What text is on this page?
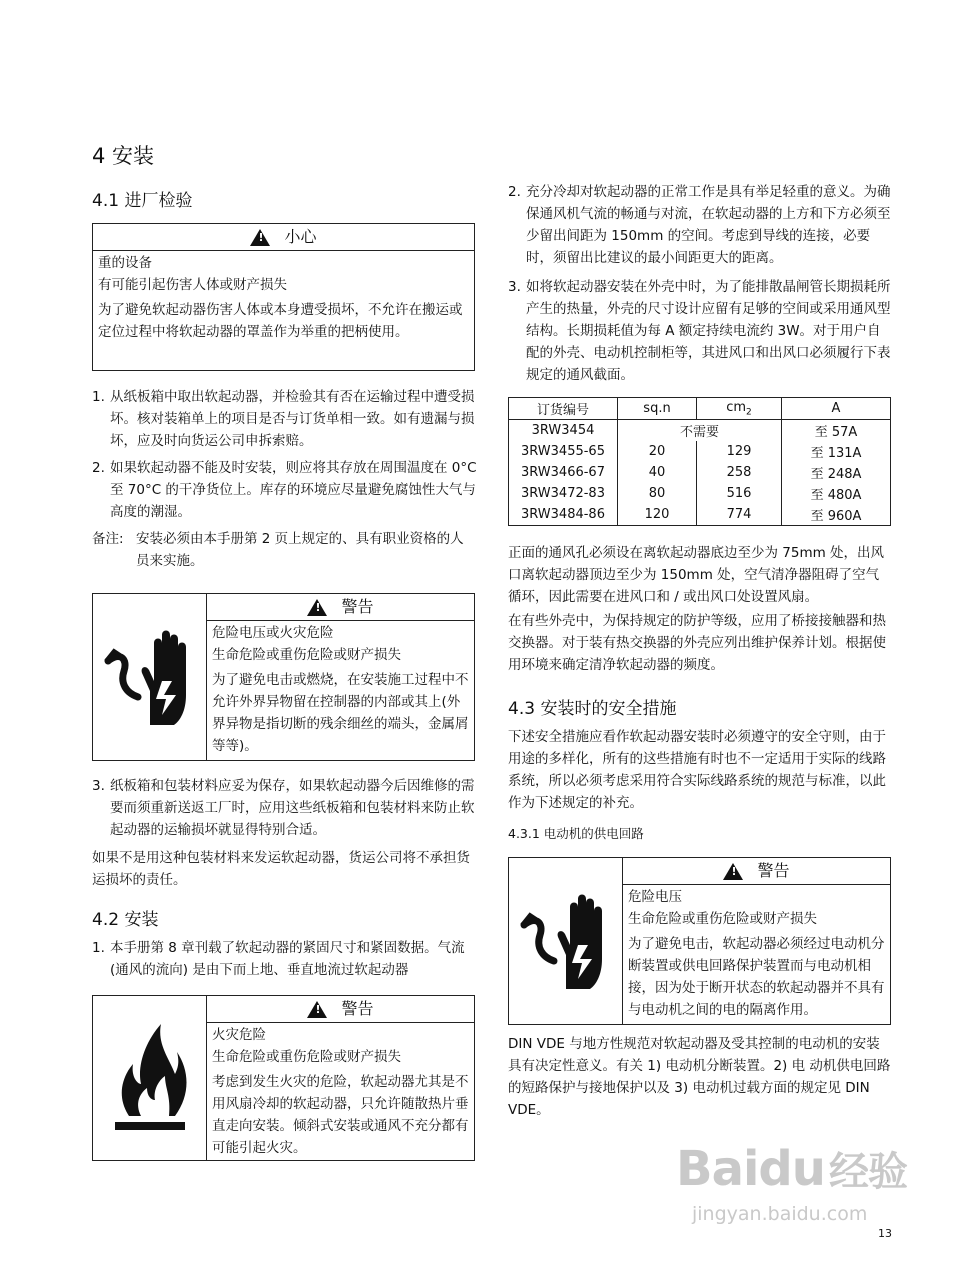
4 安装
4.1 进厂检验
!
小心
重的设备
有可能引起伤害人体或财产损失
为了避免软起动器伤害人体或本身遭受损坏，不允许在搬运或定位过程中将软起动器的罩盖作为举重的把柄使用。
1. 从纸板箱中取出软起动器，并检验其有否在运输过程中遭受损坏。核对装箱单上的项目是否与订货单相一致。如有遗漏与损坏，应及时向货运公司申拆索赔。
2. 如果软起动器不能及时安装，则应将其存放在周围温度在 0°C 至 70°C 的干净货位上。库存的环境应尽量避免腐蚀性大气与高度的潮湿。
备注: 安装必须由本手册第 2 页上规定的、具有职业资格的人员来实施。
!
警告
危险电压或火灾危险
生命危险或重伤危险或财产损失
为了避免电击或燃烧，在安装施工过程中不允许外界异物留在控制器的内部或其上(外界异物是指切断的残余细丝的端头，金属屑等等)。
3. 纸板箱和包装材料应妥为保存，如果软起动器今后因维修的需要而须重新送返工厂时，应用这些纸板箱和包装材料来防止软起动器的运输损坏就显得特别合适。
如果不是用这种包装材料来发运软起动器，货运公司将不承担货运损坏的责任。
4.2 安装
1. 本手册第 8 章刊载了软起动器的紧固尺寸和紧固数据。气流 (通风的流向) 是由下而上地、垂直地流过软起动器
!
警告
火灾危险
生命危险或重伤危险或财产损失
考虑到发生火灾的危险，软起动器尤其是不用风扇冷却的软起动器，只允许随散热片垂直走向安装。倾斜式安装或通风不充分都有可能引起火灾。
2. 充分冷却对软起动器的正常工作是具有举足轻重的意义。为确保通风机气流的畅通与对流，在软起动器的上方和下方必须至少留出间距为 150mm 的空间。考虑到导线的连接，必要时，须留出比建议的最小间距更大的距离。
3. 如将软起动器安装在外壳中时，为了能排散晶闸管长期损耗所产生的热量，外壳的尺寸设计应留有足够的空间或采用通风型结构。长期损耗值为每 A 额定持续电流约 3W。对于用户自配的外壳、电动机控制柜等，其进风口和出风口必须履行下表规定的通风截面。
订货编号	sq.n	$cm_2$	A
3RW3454	不需要		至 57A
3RW3455-65	20	129	至 131A
3RW3466-67	40	258	至 248A
3RW3472-83	80	516	至 480A
3RW3484-86	120	774	至 960A
正面的通风孔必须设在离软起动器底边至少为 75mm 处，出风口离软起动器顶边至少为 150mm 处，空气清净器阻碍了空气循环，因此需要在进风口和 / 或出风口处设置风扇。
在有些外壳中，为保持规定的防护等级，应用了桥接接触器和热交换器。对于装有热交换器的外壳应列出维护保养计划。根据使用环境来确定清净软起动器的频度。
4.3 安装时的安全措施
下述安全措施应看作软起动器安装时必须遵守的安全守则，由于用途的多样化，所有的这些措施有时也不一定适用于实际的线路系统，所以必须考虑采用符合实际线路系统的规范与标准，以此作为下述规定的补充。
4.3.1 电动机的供电回路
!
警告
危险电压
生命危险或重伤危险或财产损失
为了避免电击，软起动器必须经过电动机分断装置或供电回路保护装置而与电动机相接，因为处于断开状态的软起动器并不具有与电动机之间的电的隔离作用。
DIN VDE 与地方性规范对软起动器及受其控制的电动机的安装具有决定性意义。有关 1) 电动机分断装置。2) 电 动机供电回路的短路保护与接地保护以及 3) 电动机过载方面的规定见 DIN VDE。
Baidu 经验
jingyan.baidu.com
13
